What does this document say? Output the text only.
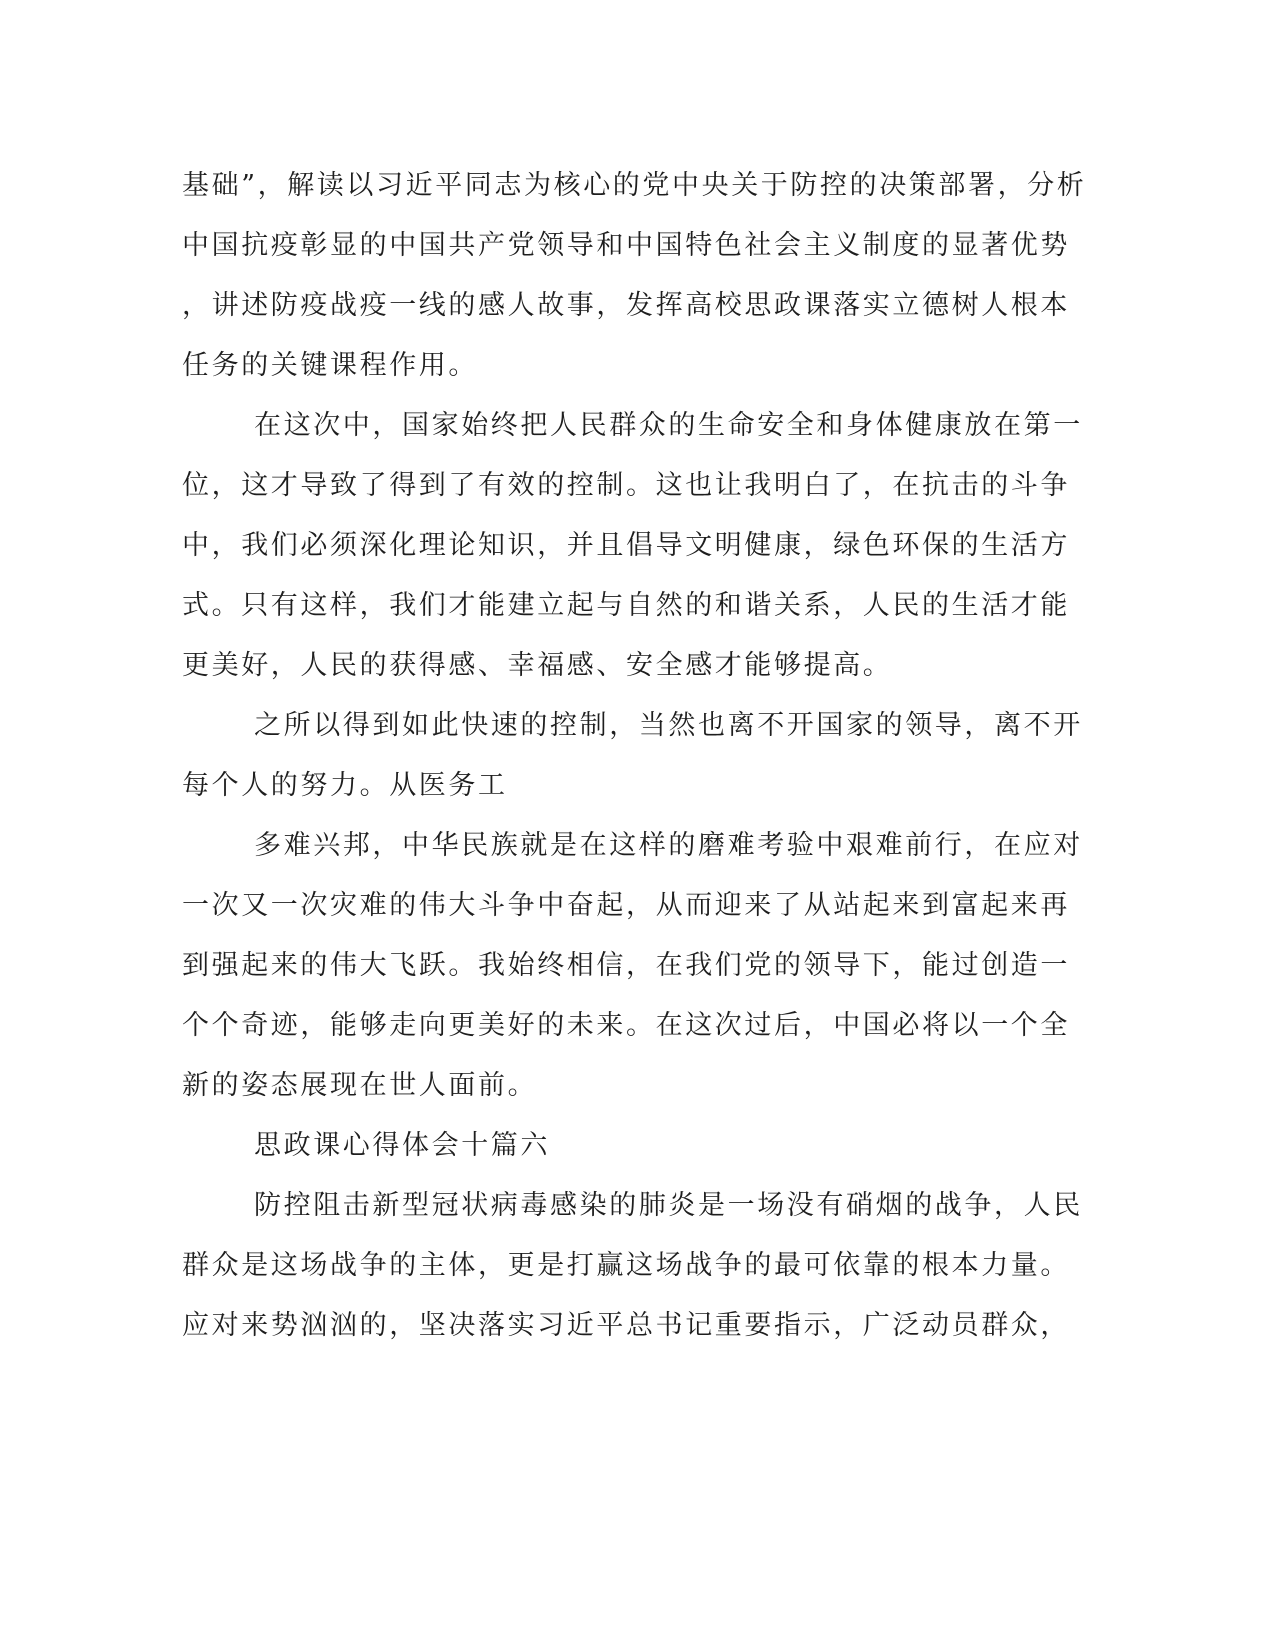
基础”，解读以习近平同志为核心的党中央关于防控的决策部署，分析

中国抗疫彰显的中国共产党领导和中国特色社会主义制度的显著优势

，讲述防疫战疫一线的感人故事，发挥高校思政课落实立德树人根本

任务的关键课程作用。

在这次中，国家始终把人民群众的生命安全和身体健康放在第一

位，这才导致了得到了有效的控制。这也让我明白了，在抗击的斗争

中，我们必须深化理论知识，并且倡导文明健康，绿色环保的生活方

式。只有这样，我们才能建立起与自然的和谐关系，人民的生活才能

更美好，人民的获得感、幸福感、安全感才能够提高。

之所以得到如此快速的控制，当然也离不开国家的领导，离不开

每个人的努力。从医务工

多难兴邦，中华民族就是在这样的磨难考验中艰难前行，在应对

一次又一次灾难的伟大斗争中奋起，从而迎来了从站起来到富起来再

到强起来的伟大飞跃。我始终相信，在我们党的领导下，能过创造一

个个奇迹，能够走向更美好的未来。在这次过后，中国必将以一个全

新的姿态展现在世人面前。

思政课心得体会十篇六

防控阻击新型冠状病毒感染的肺炎是一场没有硝烟的战争，人民

群众是这场战争的主体，更是打赢这场战争的最可依靠的根本力量。

应对来势汹汹的，坚决落实习近平总书记重要指示，广泛动员群众，
